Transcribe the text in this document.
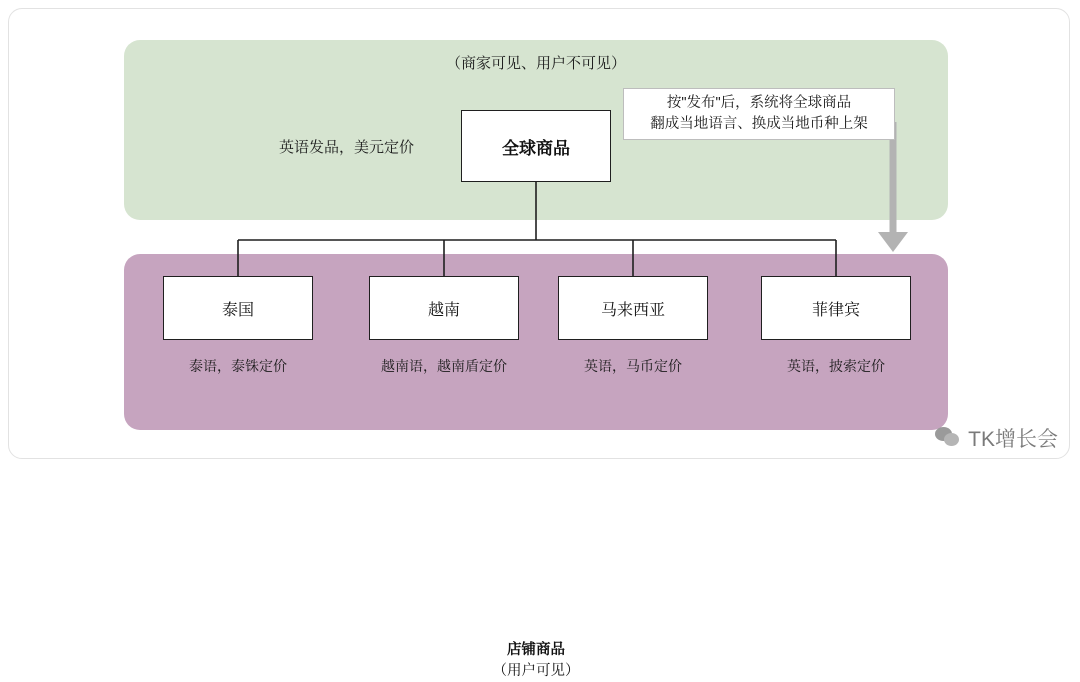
（商家可见、用户不可见）
店铺商品
（用户可见）
英语发品，美元定价	全球商品
按"发布"后，系统将全球商品
翻成当地语言、换成当地币种上架
泰国	越南	马来西亚	菲律宾
泰语，泰铢定价	越南语，越南盾定价	英语，马币定价	英语，披索定价
TK增长会
